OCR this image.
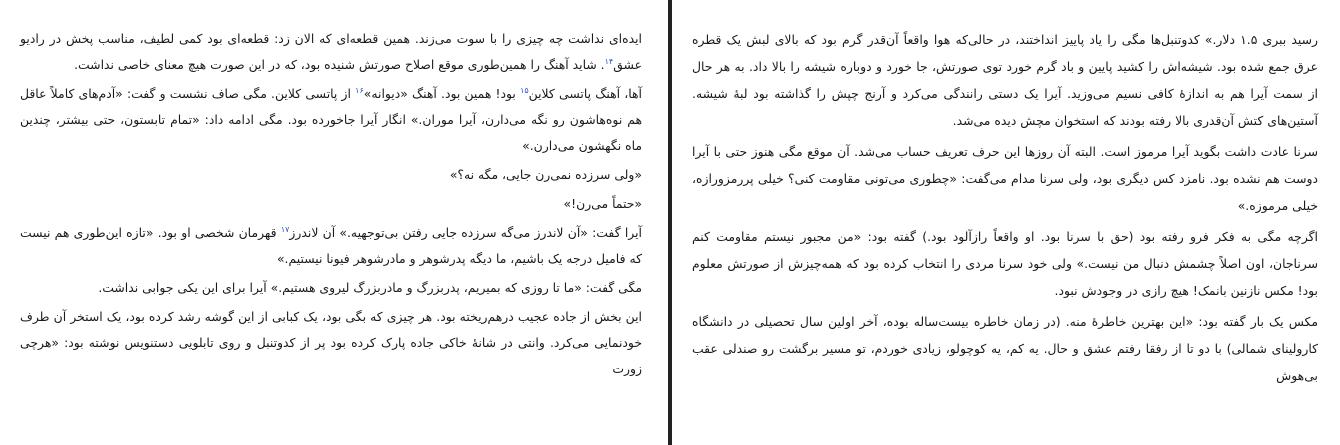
ایده‌ای نداشت چه چیزی را با سوت می‌زند. همین قطعه‌ای که الان زد: قطعه‌ای بود کمی لطیف، مناسب پخش در رادیو عشق$^{۱۴}$. شاید آهنگ را همین‌طوری موقع اصلاح صورتش شنیده بود، که در این صورت هیچ معنای خاصی نداشت.

آها، آهنگ پاتسی کلاین$^{۱۵}$ بود! همین بود. آهنگ «دیوانه»$^{۱۶}$ از پاتسی کلاین. مگی صاف نشست و گفت: «آدم‌های کاملاً عاقل هم نوه‌هاشون رو نگه می‌دارن، آیرا موران.» انگار آیرا جاخورده بود. مگی ادامه داد: «تمام تابستون، حتی بیشتر، چندین ماه نگهشون می‌دارن.»

«ولی سرزده نمی‌رن جایی، مگه نه؟»

«حتماً می‌رن!»

آیرا گفت: «آن لاندرز می‌گه سرزده جایی رفتن بی‌توجهیه.» آن لاندرز$^{۱۷}$ قهرمان شخصی او بود. «تازه این‌طوری هم نیست که فامیل درجه یک باشیم، ما دیگه پدرشوهر و مادرشوهر فیونا نیستیم.»

مگی گفت: «ما تا روزی که بمیریم، پدربزرگ و مادربزرگ لیروی هستیم.» آیرا برای این یکی جوابی نداشت.

این بخش از جاده عجیب درهم‌ریخته بود. هر چیزی که بگی بود، یک کبابی از این گوشه رشد کرده بود، یک استخر آن طرف خودنمایی می‌کرد. وانتی در شانهٔ خاکی جاده پارک کرده بود پر از کدوتنبل و روی تابلویی دستنویس نوشته بود: «هرچی زورت

رسید ببری ۱.۵ دلار.» کدوتنبل‌ها مگی را یاد پاییز انداختند، در حالی‌که هوا واقعاً آن‌قدر گرم بود که بالای لبش یک قطره عرق جمع شده بود. شیشه‌اش را کشید پایین و باد گرم خورد توی صورتش، جا خورد و دوباره شیشه را بالا داد. به هر حال از سمت آیرا هم به اندازهٔ کافی نسیم می‌وزید. آیرا یک دستی رانندگی می‌کرد و آرنج چپش را گذاشته بود لبهٔ شیشه. آستین‌های کتش آن‌قدری بالا رفته بودند که استخوان مچش دیده می‌شد.

سرنا عادت داشت بگوید آیرا مرموز است. البته آن روزها این حرف تعریف حساب می‌شد. آن موقع مگی هنوز حتی با آیرا دوست هم نشده بود. نامزد کس دیگری بود، ولی سرنا مدام می‌گفت: «چطوری می‌تونی مقاومت کنی؟ خیلی پررمزورازه، خیلی مرموزه.»

اگرچه مگی به فکر فرو رفته بود (حق با سرنا بود. او واقعاً رازآلود بود.) گفته بود: «من مجبور نیستم مقاومت کنم سرناجان، اون اصلاً چشمش دنبال من نیست.» ولی خود سرنا مردی را انتخاب کرده بود که همه‌چیزش از صورتش معلوم بود! مکس نازنین بانمک! هیچ رازی در وجودش نبود.

مکس یک بار گفته بود: «این بهترین خاطرهٔ منه. (در زمان خاطره بیست‌ساله بوده، آخر اولین سال تحصیلی در دانشگاه کارولینای شمالی) با دو تا از رفقا رفتم عشق و حال. یه کم، یه کوچولو، زیادی خوردم، تو مسیر برگشت رو صندلی عقب بی‌هوش
